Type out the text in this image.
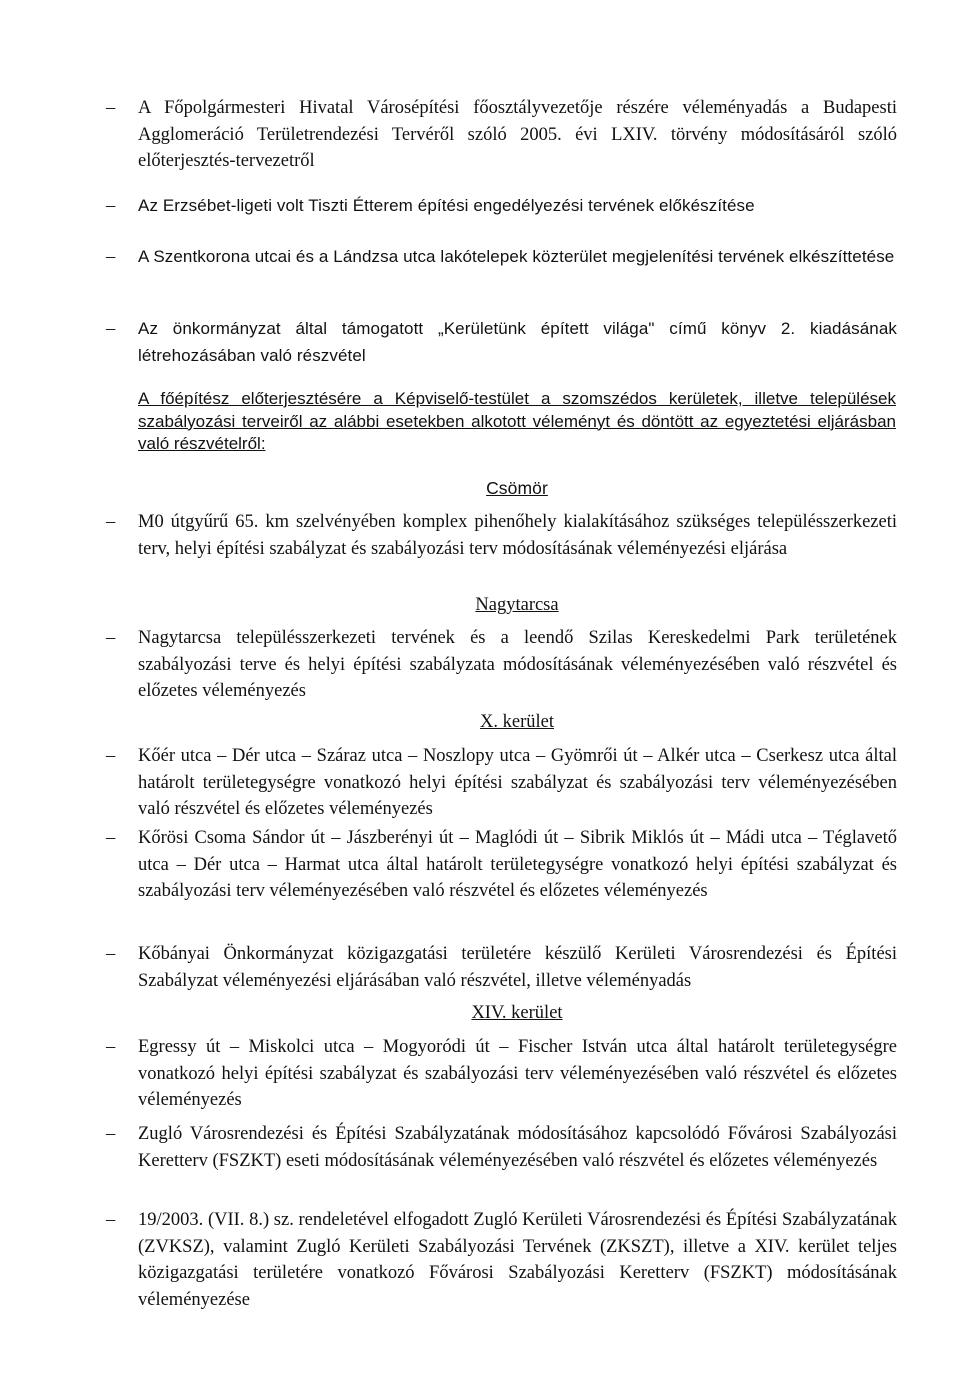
–	A Főpolgármesteri Hivatal Városépítési főosztályvezetője részére véleményadás a Budapesti Agglomeráció Területrendezési Tervéről szóló 2005. évi LXIV. törvény módosításáról szóló előterjesztés-tervezetről
–	Az Erzsébet-ligeti volt Tiszti Étterem építési engedélyezési tervének előkészítése
–	A Szentkorona utcai és a Lándzsa utca lakótelepek közterület megjelenítési tervének elkészíttetése
–	Az önkormányzat által támogatott „Kerületünk épített világa" című könyv 2. kiadásának létrehozásában való részvétel
A főépítész előterjesztésére a Képviselő-testület a szomszédos kerületek, illetve települések szabályozási terveiről az alábbi esetekben alkotott véleményt és döntött az egyeztetési eljárásban való részvételről:
Csömör
–	M0 útgyűrű 65. km szelvényében komplex pihenőhely kialakításához szükséges településszerkezeti terv, helyi építési szabályzat és szabályozási terv módosításának véleményezési eljárása
Nagytarcsa
–	Nagytarcsa településszerkezeti tervének és a leendő Szilas Kereskedelmi Park területének szabályozási terve és helyi építési szabályzata módosításának véleményezésében való részvétel és előzetes véleményezés
X. kerület
–	Kőér utca – Dér utca – Száraz utca – Noszlopy utca – Gyömrői út – Alkér utca – Cserkesz utca által határolt területegységre vonatkozó helyi építési szabályzat és szabályozási terv véleményezésében való részvétel és előzetes véleményezés
–	Kőrösi Csoma Sándor út – Jászberényi út – Maglódi út – Sibrik Miklós út – Mádi utca – Téglavető utca – Dér utca – Harmat utca által határolt területegységre vonatkozó helyi építési szabályzat és szabályozási terv véleményezésében való részvétel és előzetes véleményezés
–	Kőbányai Önkormányzat közigazgatási területére készülő Kerületi Városrendezési és Építési Szabályzat véleményezési eljárásában való részvétel, illetve véleményadás
XIV. kerület
–	Egressy út – Miskolci utca – Mogyoródi út – Fischer István utca által határolt területegységre vonatkozó helyi építési szabályzat és szabályozási terv véleményezésében való részvétel és előzetes véleményezés
–	Zugló Városrendezési és Építési Szabályzatának módosításához kapcsolódó Fővárosi Szabályozási Keretterv (FSZKT) eseti módosításának véleményezésében való részvétel és előzetes véleményezés
–	19/2003. (VII. 8.) sz. rendeletével elfogadott Zugló Kerületi Városrendezési és Építési Szabályzatának (ZVKSZ), valamint Zugló Kerületi Szabályozási Tervének (ZKSZT), illetve a XIV. kerület teljes közigazgatási területére vonatkozó Fővárosi Szabályozási Keretterv (FSZKT) módosításának véleményezése
